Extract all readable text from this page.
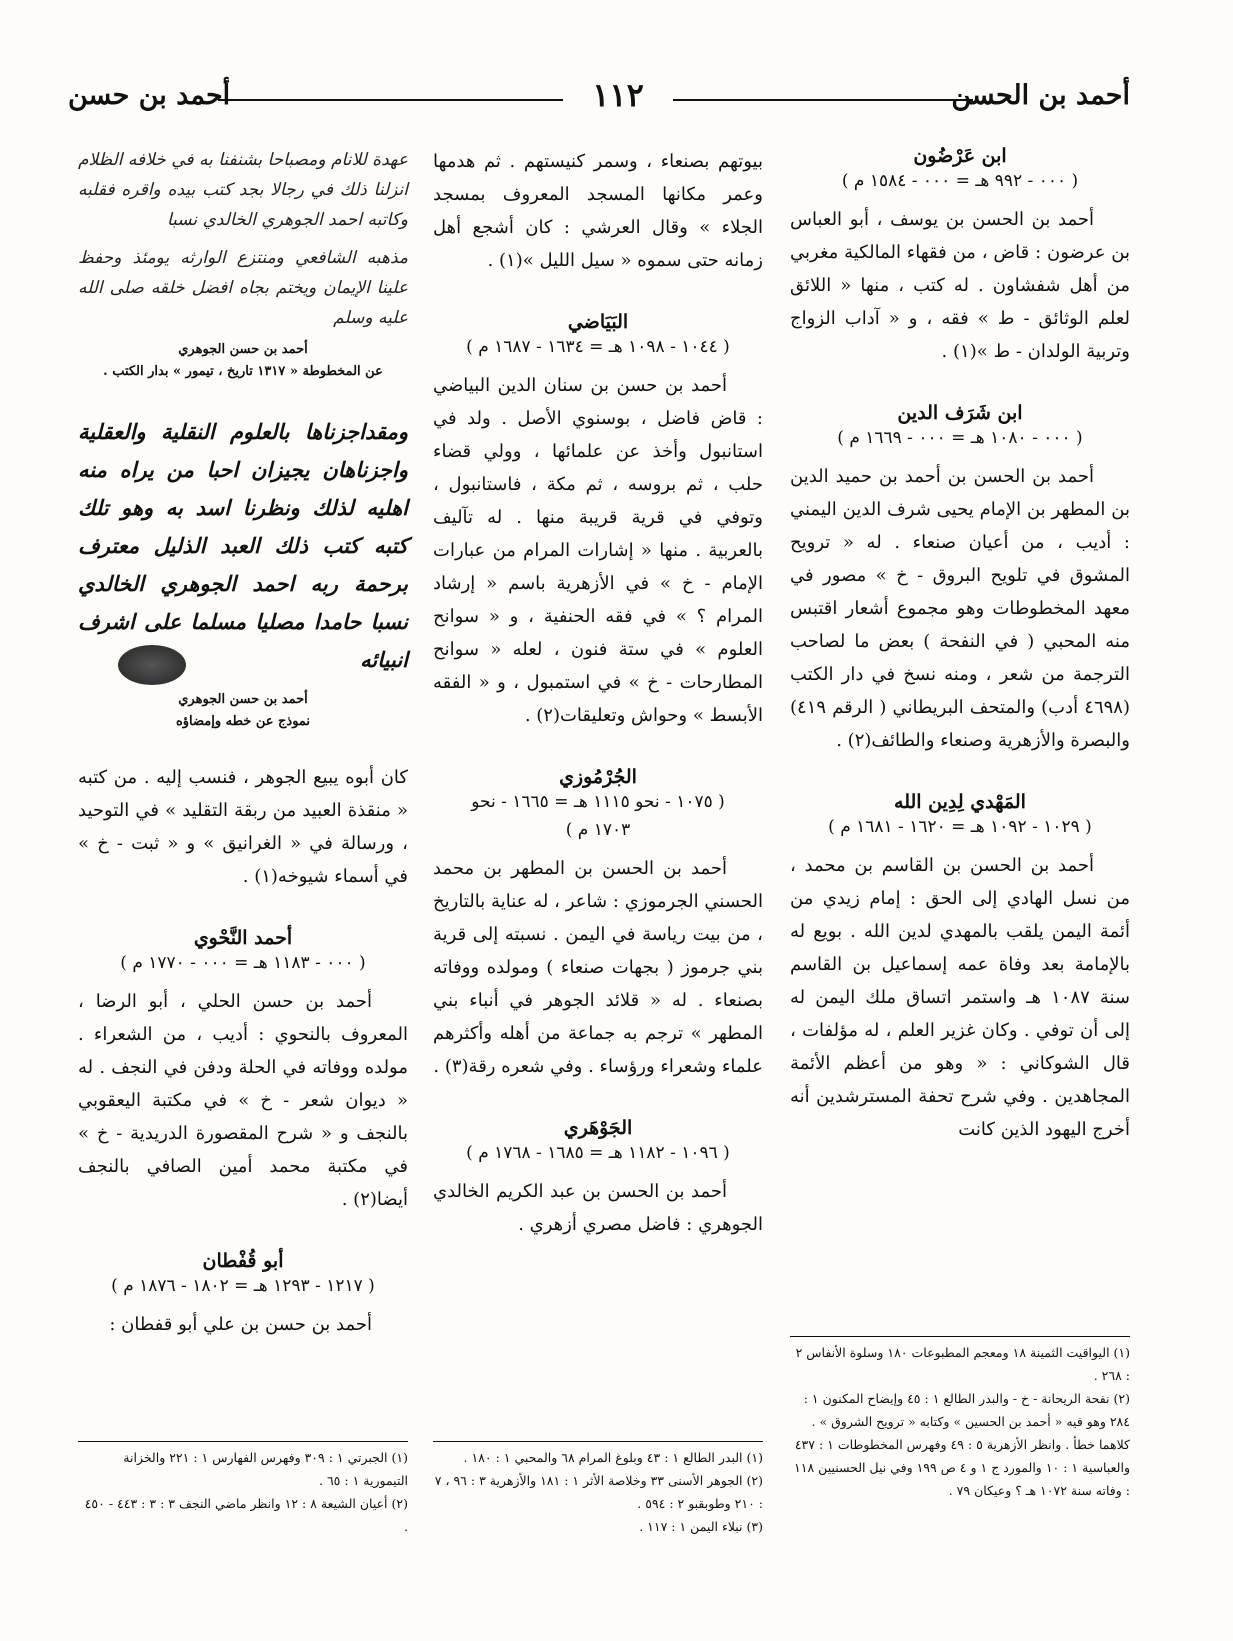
أحمد بن الحسن
١١٢
أحمد بن حسن
ابن عَرْضُون
( ٠٠٠ - ٩٩٢ هـ = ٠٠٠ - ١٥٨٤ م )

أحمد بن الحسن بن يوسف ، أبو العباس بن عرضون : قاض ، من فقهاء المالكية مغربي من أهل شفشاون . له كتب ، منها « اللائق لعلم الوثائق - ط » فقه ، و « آداب الزواج وتربية الولدان - ط »(١) .

ابن شَرَف الدين
( ٠٠٠ - ١٠٨٠ هـ = ٠٠٠ - ١٦٦٩ م )

أحمد بن الحسن بن أحمد بن حميد الدين بن المطهر بن الإمام يحيى شرف الدين اليمني : أديب ، من أعيان صنعاء . له « ترويح المشوق في تلويح البروق - خ » مصور في معهد المخطوطات وهو مجموع أشعار اقتبس منه المحبي ( في النفحة ) بعض ما لصاحب الترجمة من شعر ، ومنه نسخ في دار الكتب (٤٦٩٨ أدب) والمتحف البريطاني ( الرقم ٤١٩) والبصرة والأزهرية وصنعاء والطائف(٢) .

المَهْدي لِدِين الله
( ١٠٢٩ - ١٠٩٢ هـ = ١٦٢٠ - ١٦٨١ م )

أحمد بن الحسن بن القاسم بن محمد ، من نسل الهادي إلى الحق : إمام زيدي من أئمة اليمن يلقب بالمهدي لدين الله . بويع له بالإمامة بعد وفاة عمه إسماعيل بن القاسم سنة ١٠٨٧ هـ واستمر اتساق ملك اليمن له إلى أن توفي . وكان غزير العلم ، له مؤلفات ، قال الشوكاني : « وهو من أعظم الأئمة المجاهدين . وفي شرح تحفة المسترشدين أنه أخرج اليهود الذين كانت

(١) اليواقيت الثمينة ١٨ ومعجم المطبوعات ١٨٠ وسلوة الأنفاس ٢ : ٢٦٨ .

(٢) نفحة الريحانة - خ - والبدر الطالع ١ : ٤٥ وإيضاح المكنون ١ : ٢٨٤ وهو فيه « أحمد بن الحسين » وكتابه « ترويح الشروق » . كلاهما خطأ . وانظر الأزهرية ٥ : ٤٩ وفهرس المخطوطات ١ : ٤٣٧ والعباسية ١ : ١٠ والمورد ج ١ و ٤ ص ١٩٩ وفي نيل الحسنيين ١١٨ : وفاته سنة ١٠٧٢ هـ ؟ وعيكان ٧٩ .

بيوتهم بصنعاء ، وسمر كنيستهم . ثم هدمها وعمر مكانها المسجد المعروف بمسجد الجلاء » وقال العرشي : كان أشجع أهل زمانه حتى سموه « سيل الليل »(١) .

البَيَاضي
( ١٠٤٤ - ١٠٩٨ هـ = ١٦٣٤ - ١٦٨٧ م )

أحمد بن حسن بن سنان الدين البياضي : قاض فاضل ، بوسنوي الأصل . ولد في استانبول وأخذ عن علمائها ، وولي قضاء حلب ، ثم بروسه ، ثم مكة ، فاستانبول ، وتوفي في قرية قريبة منها . له تآليف بالعربية . منها « إشارات المرام من عبارات الإمام - خ » في الأزهرية باسم « إرشاد المرام ؟ » في فقه الحنفية ، و « سوانح العلوم » في ستة فنون ، لعله « سوانح المطارحات - خ » في استمبول ، و « الفقه الأبسط » وحواش وتعليقات(٢) .

الجُرْمُوزي
( ١٠٧٥ - نحو ١١١٥ هـ = ١٦٦٥ - نحو
١٧٠٣ م )

أحمد بن الحسن بن المطهر بن محمد الحسني الجرموزي : شاعر ، له عناية بالتاريخ ، من بيت رياسة في اليمن . نسبته إلى قرية بني جرموز ( بجهات صنعاء ) ومولده ووفاته بصنعاء . له « قلائد الجوهر في أنباء بني المطهر » ترجم به جماعة من أهله وأكثرهم علماء وشعراء ورؤساء . وفي شعره رقة(٣) .

الجَوْهَري
( ١٠٩٦ - ١١٨٢ هـ = ١٦٨٥ - ١٧٦٨ م )

أحمد بن الحسن بن عبد الكريم الخالدي الجوهري : فاضل مصري أزهري .

(١) البدر الطالع ١ : ٤٣ وبلوغ المرام ٦٨ والمحبي ١ : ١٨٠ .

(٢) الجوهر الأسنى ٣٣ وخلاصة الأثر ١ : ١٨١ والأزهرية ٣ : ٩٦ ، ٧ : ٢١٠ وطوبقبو ٢ : ٥٩٤ .

(٣) نبلاء اليمن ١ : ١١٧ .

عهدة للانام ومصباحا بشنفنا به في خلافه الظلام انزلنا ذلك في رجالا بجد كتب بيده واقره فقلبه وكاتبه احمد الجوهري الخالدي نسبا

مذهبه الشافعي ومنتزع الوارثه يومئذ وحفظ علينا الإيمان ويختم بجاه افضل خلقه صلى الله عليه وسلم

أحمد بن حسن الجوهري
عن المخطوطة « ١٣١٧ تاريخ ، تيمور » بدار الكتب .

ومقداجزناها بالعلوم النقلية والعقلية واجزناهان يجيزان احبا من يراه منه اهليه لذلك ونظرنا اسد به وهو تلك كتبه كتب ذلك العبد الذليل معترف برحمة ربه احمد الجوهري الخالدي نسبا حامدا مصليا مسلما على اشرف انبيائه

أحمد بن حسن الجوهري
نموذج عن خطه وإمضاؤه

كان أبوه يبيع الجوهر ، فنسب إليه . من كتبه « منقذة العبيد من ربقة التقليد » في التوحيد ، ورسالة في « الغرانيق » و « ثبت - خ » في أسماء شيوخه(١) .

أحمد النَّحْوي
( ٠٠٠ - ١١٨٣ هـ = ٠٠٠ - ١٧٧٠ م )

أحمد بن حسن الحلي ، أبو الرضا ، المعروف بالنحوي : أديب ، من الشعراء . مولده ووفاته في الحلة ودفن في النجف . له « ديوان شعر - خ » في مكتبة اليعقوبي بالنجف و « شرح المقصورة الدريدية - خ » في مكتبة محمد أمين الصافي بالنجف أيضا(٢) .

أبو قُفْطان
( ١٢١٧ - ١٢٩٣ هـ = ١٨٠٢ - ١٨٧٦ م )

أحمد بن حسن بن علي أبو قفطان :

(١) الجبرتي ١ : ٣٠٩ وفهرس الفهارس ١ : ٢٢١ والخزانة التيمورية ١ : ٦٥ .

(٢) أعيان الشيعة ٨ : ١٢ وانظر ماضي النجف ٣ : ٣ : ٤٤٣ - ٤٥٠ .
